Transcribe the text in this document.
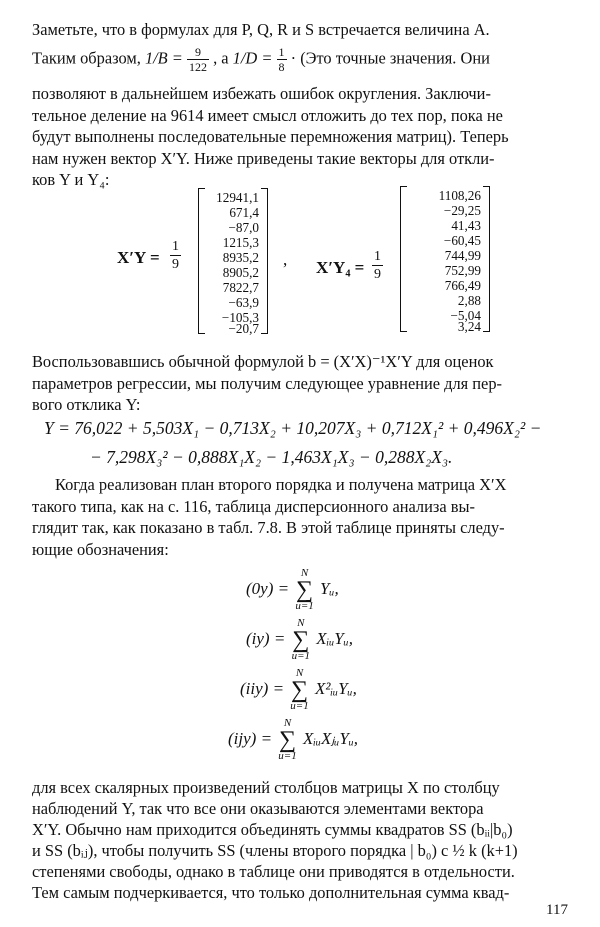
Заметьте, что в формулах для P, Q, R и S встречается величина A.
Таким образом, $1/B = \frac{9}{122}$ , а $1/D = \frac{1}{8} \cdot (Это$ точные значения. Они
позволяют в дальнейшем избежать ошибок округления. Заключи-
тельное деление на 9614 имеет смысл отложить до тех пор, пока не
будут выполнены последовательные перемножения матриц). Теперь
нам нужен вектор X′Y. Ниже приведены такие векторы для откли-
ков Y и Y₄:
$X'Y = \frac{1}{9}$
12941,1
671,4
−87,0
1215,3
8935,2
8905,2
7822,7
−63,9
−105,3
−20,7
, $X'Y_4 = \frac{1}{9}$
1108,26
−29,25
41,43
−60,45
744,99
752,99
766,49
2,88
−5,04
3,24
Воспользовавшись обычной формулой b = (X′X)⁻¹X′Y для оценок
параметров регрессии, мы получим следующее уравнение для пер-
вого отклика Y:
Y = 76,022 + 5,503X₁ − 0,713X₂ + 10,207X₃ + 0,712X₁² + 0,496X₂² −
− 7,298X₃² − 0,888X₁X₂ − 1,463X₁X₃ − 0,288X₂X₃.
Когда реализован план второго порядка и получена матрица X′X
такого типа, как на с. 116, таблица дисперсионного анализа вы-
глядит так, как показано в табл. 7.8. В этой таблице приняты следу-
ющие обозначения:
(0y) = N
∑
u=1 Yᵤ,
(iy) = N
∑
u=1 XᵢᵤYᵤ,
(iiy) = N
∑
u=1 X²ᵢᵤYᵤ,
(ijy) = N
∑
u=1 XᵢᵤXⱼᵤYᵤ,
для всех скалярных произведений столбцов матрицы X по столбцу
наблюдений Y, так что все они оказываются элементами вектора
X′Y. Обычно нам приходится объединять суммы квадратов SS (bᵢᵢ|b₀)
и SS (bᵢⱼ), чтобы получить SS (члены второго порядка | b₀) с ½ k (k+1)
степенями свободы, однако в таблице они приводятся в отдельности.
Тем самым подчеркивается, что только дополнительная сумма квад-
117
